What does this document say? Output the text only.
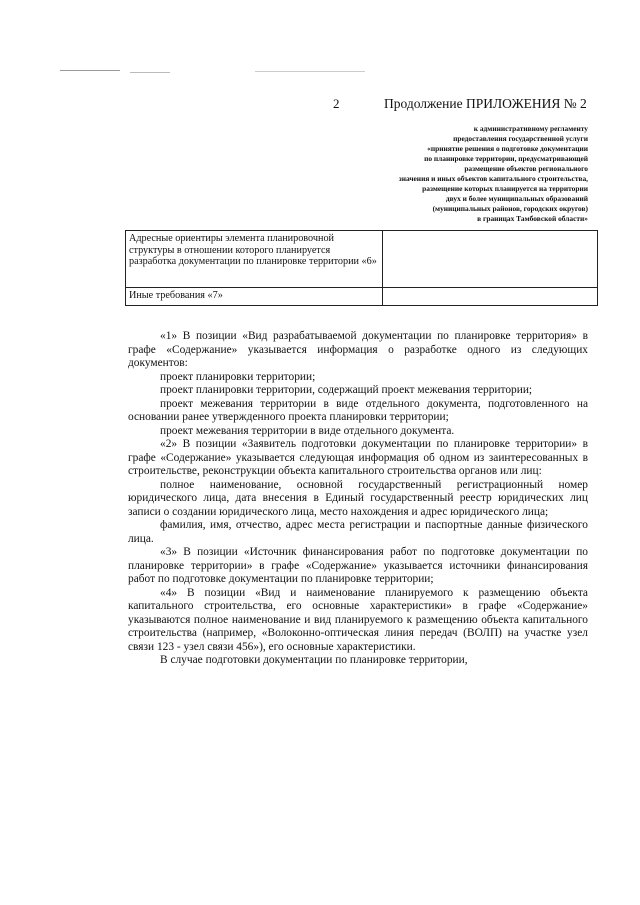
2	Продолжение ПРИЛОЖЕНИЯ № 2
к административному регламенту
предоставления государственной услуги
«принятие решения о подготовке документации
по планировке территории, предусматривающей
размещение объектов регионального
значения и иных объектов капитального строительства,
размещение которых планируется на территории
двух и более муниципальных образований
(муниципальных районов, городских округов)
в границах Тамбовской области»
Адресные ориентиры элемента планировочной структуры в отношении которого планируется разработка документации по планировке территории «6»	
Иные требования «7»	

«1» В позиции «Вид разрабатываемой документации по планировке территория» в графе «Содержание» указывается информация о разработке одного из следующих документов:

проект планировки территории;

проект планировки территории, содержащий проект межевания территории;

проект межевания территории в виде отдельного документа, подготовленного на основании ранее утвержденного проекта планировки территории;

проект межевания территории в виде отдельного документа.

«2» В позиции «Заявитель подготовки документации по планировке территории» в графе «Содержание» указывается следующая информация об одном из заинтересованных в строительстве, реконструкции объекта капитального строительства органов или лиц:

полное наименование, основной государственный регистрационный номер юридического лица, дата внесения в Единый государственный реестр юридических лиц записи о создании юридического лица, место нахождения и адрес юридического лица;

фамилия, имя, отчество, адрес места регистрации и паспортные данные физического лица.

«3» В позиции «Источник финансирования работ по подготовке документации по планировке территории» в графе «Содержание» указывается источники финансирования работ по подготовке документации по планировке территории;

«4» В позиции «Вид и наименование планируемого к размещению объекта капитального строительства, его основные характеристики» в графе «Содержание» указываются полное наименование и вид планируемого к размещению объекта капитального строительства (например, «Волоконно-оптическая линия передач (ВОЛП) на участке узел связи 123 - узел связи 456»), его основные характеристики.

В случае подготовки документации по планировке территории,
